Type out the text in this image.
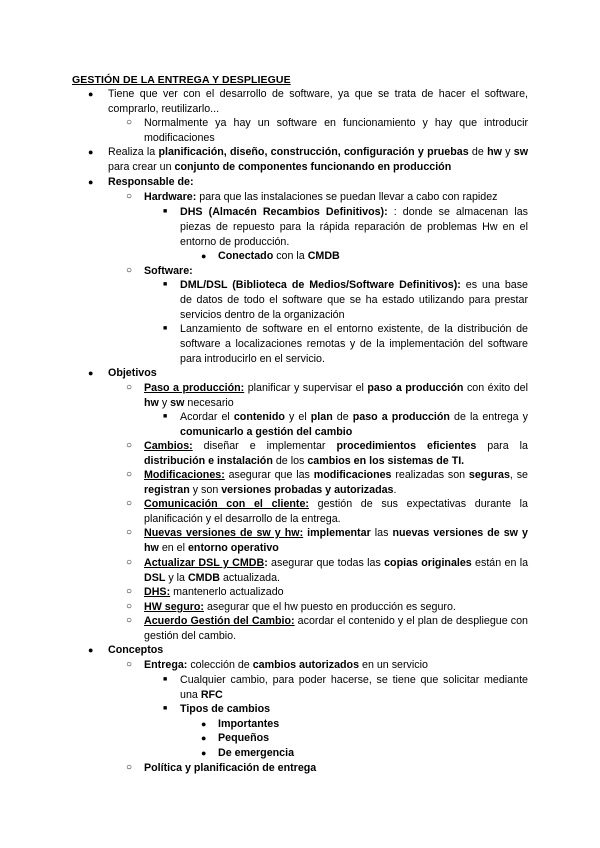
GESTIÓN DE LA ENTREGA Y DESPLIEGUE
● Tiene que ver con el desarrollo de software, ya que se trata de hacer el software, comprarlo, reutilizarlo...
○ Normalmente ya hay un software en funcionamiento y hay que introducir modificaciones
● Realiza la planificación, diseño, construcción, configuración y pruebas de hw y sw para crear un conjunto de componentes funcionando en producción
● Responsable de:
○ Hardware: para que las instalaciones se puedan llevar a cabo con rapidez
■ DHS (Almacén Recambios Definitivos): : donde se almacenan las piezas de repuesto para la rápida reparación de problemas Hw en el entorno de producción.
● Conectado con la CMDB
○ Software:
■ DML/DSL (Biblioteca de Medios/Software Definitivos): es una base de datos de todo el software que se ha estado utilizando para prestar servicios dentro de la organización
■ Lanzamiento de software en el entorno existente, de la distribución de software a localizaciones remotas y de la implementación del software para introducirlo en el servicio.
● Objetivos
○ Paso a producción: planificar y supervisar el paso a producción con éxito del hw y sw necesario
■ Acordar el contenido y el plan de paso a producción de la entrega y comunicarlo a gestión del cambio
○ Cambios: diseñar e implementar procedimientos eficientes para la distribución e instalación de los cambios en los sistemas de TI.
○ Modificaciones: asegurar que las modificaciones realizadas son seguras, se registran y son versiones probadas y autorizadas.
○ Comunicación con el cliente: gestión de sus expectativas durante la planificación y el desarrollo de la entrega.
○ Nuevas versiones de sw y hw: implementar las nuevas versiones de sw y hw en el entorno operativo
○ Actualizar DSL y CMDB: asegurar que todas las copias originales están en la DSL y la CMDB actualizada.
○ DHS: mantenerlo actualizado
○ HW seguro: asegurar que el hw puesto en producción es seguro.
○ Acuerdo Gestión del Cambio: acordar el contenido y el plan de despliegue con gestión del cambio.
● Conceptos
○ Entrega: colección de cambios autorizados en un servicio
■ Cualquier cambio, para poder hacerse, se tiene que solicitar mediante una RFC
■ Tipos de cambios
● Importantes
● Pequeños
● De emergencia
○ Política y planificación de entrega
